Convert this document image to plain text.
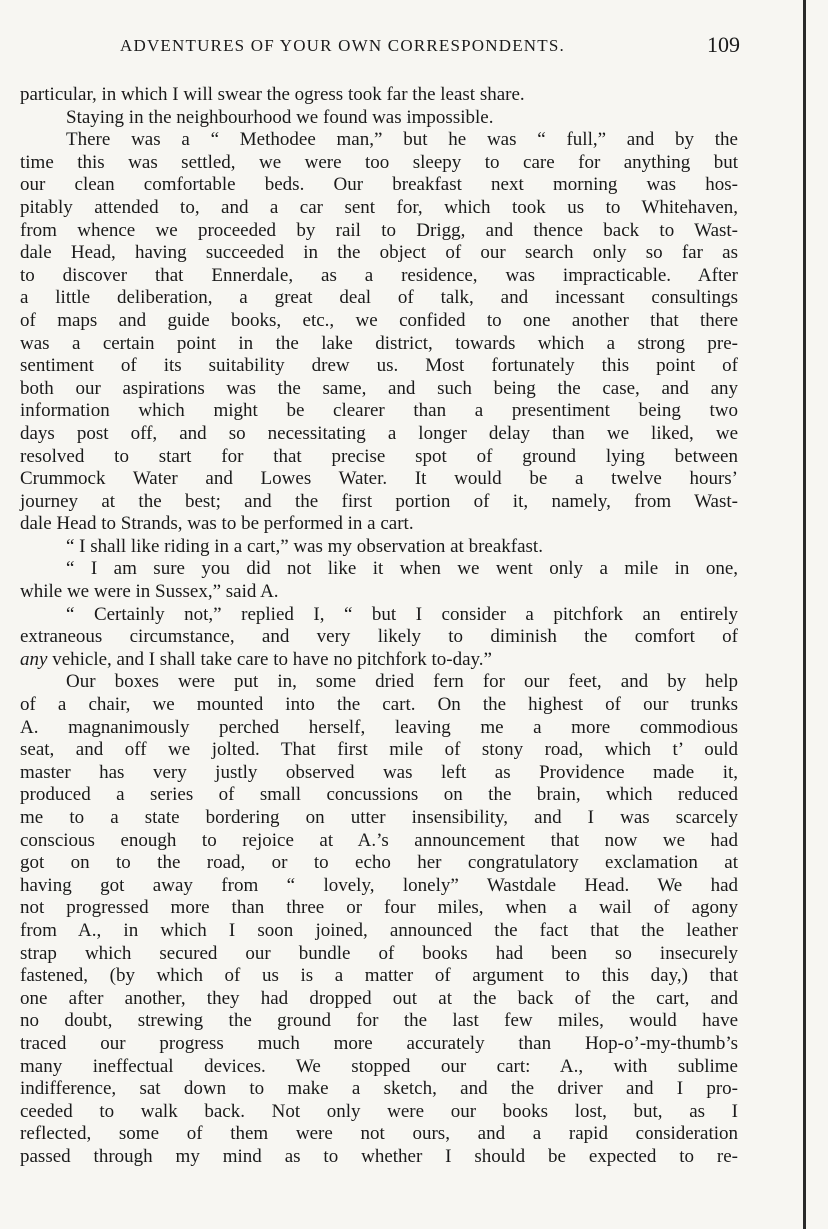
ADVENTURES OF YOUR OWN CORRESPONDENTS.	109
particular, in which I will swear the ogress took far the least share.
Staying in the neighbourhood we found was impossible.
There was a “ Methodee man,” but he was “ full,” and by the
time this was settled, we were too sleepy to care for anything but
our clean comfortable beds. Our breakfast next morning was hos-
pitably attended to, and a car sent for, which took us to Whitehaven,
from whence we proceeded by rail to Drigg, and thence back to Wast-
dale Head, having succeeded in the object of our search only so far as
to discover that Ennerdale, as a residence, was impracticable. After
a little deliberation, a great deal of talk, and incessant consultings
of maps and guide books, etc., we confided to one another that there
was a certain point in the lake district, towards which a strong pre-
sentiment of its suitability drew us. Most fortunately this point of
both our aspirations was the same, and such being the case, and any
information which might be clearer than a presentiment being two
days post off, and so necessitating a longer delay than we liked, we
resolved to start for that precise spot of ground lying between
Crummock Water and Lowes Water. It would be a twelve hours’
journey at the best; and the first portion of it, namely, from Wast-
dale Head to Strands, was to be performed in a cart.
“ I shall like riding in a cart,” was my observation at breakfast.
“ I am sure you did not like it when we went only a mile in one,
while we were in Sussex,” said A.
“ Certainly not,” replied I, “ but I consider a pitchfork an entirely
extraneous circumstance, and very likely to diminish the comfort of
any vehicle, and I shall take care to have no pitchfork to-day.”
Our boxes were put in, some dried fern for our feet, and by help
of a chair, we mounted into the cart. On the highest of our trunks
A. magnanimously perched herself, leaving me a more commodious
seat, and off we jolted. That first mile of stony road, which t’ ould
master has very justly observed was left as Providence made it,
produced a series of small concussions on the brain, which reduced
me to a state bordering on utter insensibility, and I was scarcely
conscious enough to rejoice at A.’s announcement that now we had
got on to the road, or to echo her congratulatory exclamation at
having got away from “ lovely, lonely” Wastdale Head. We had
not progressed more than three or four miles, when a wail of agony
from A., in which I soon joined, announced the fact that the leather
strap which secured our bundle of books had been so insecurely
fastened, (by which of us is a matter of argument to this day,) that
one after another, they had dropped out at the back of the cart, and
no doubt, strewing the ground for the last few miles, would have
traced our progress much more accurately than Hop-o’-my-thumb’s
many ineffectual devices. We stopped our cart: A., with sublime
indifference, sat down to make a sketch, and the driver and I pro-
ceeded to walk back. Not only were our books lost, but, as I
reflected, some of them were not ours, and a rapid consideration
passed through my mind as to whether I should be expected to re-
